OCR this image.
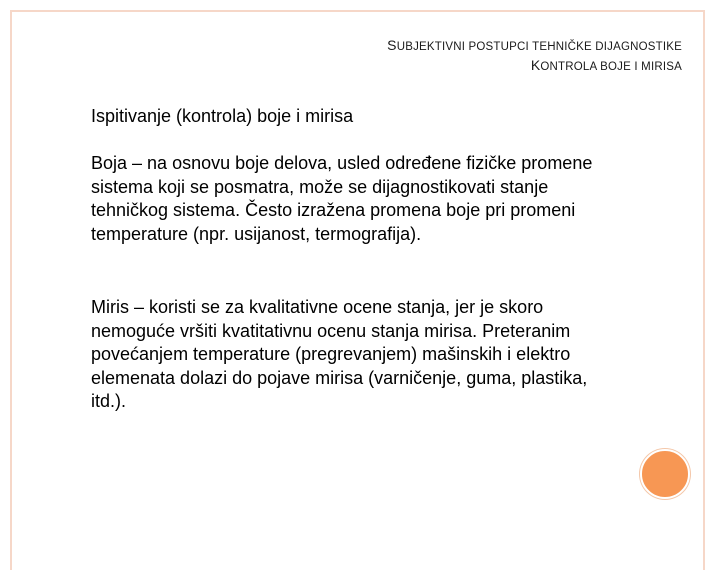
SUBJEKTIVNI POSTUPCI TEHNIČKE DIJAGNOSTIKE
KONTROLA BOJE I MIRISA
Ispitivanje (kontrola) boje i mirisa

Boja – na osnovu boje delova, usled određene fizičke promene sistema koji se posmatra, može se dijagnostikovati stanje tehničkog sistema. Često izražena promena boje pri promeni temperature (npr. usijanost, termografija).

Miris – koristi se za kvalitativne ocene stanja, jer je skoro nemoguće vršiti kvatitativnu ocenu stanja mirisa. Preteranim povećanjem temperature (pregrevanjem) mašinskih i elektro elemenata dolazi do pojave mirisa (varničenje, guma, plastika, itd.).
